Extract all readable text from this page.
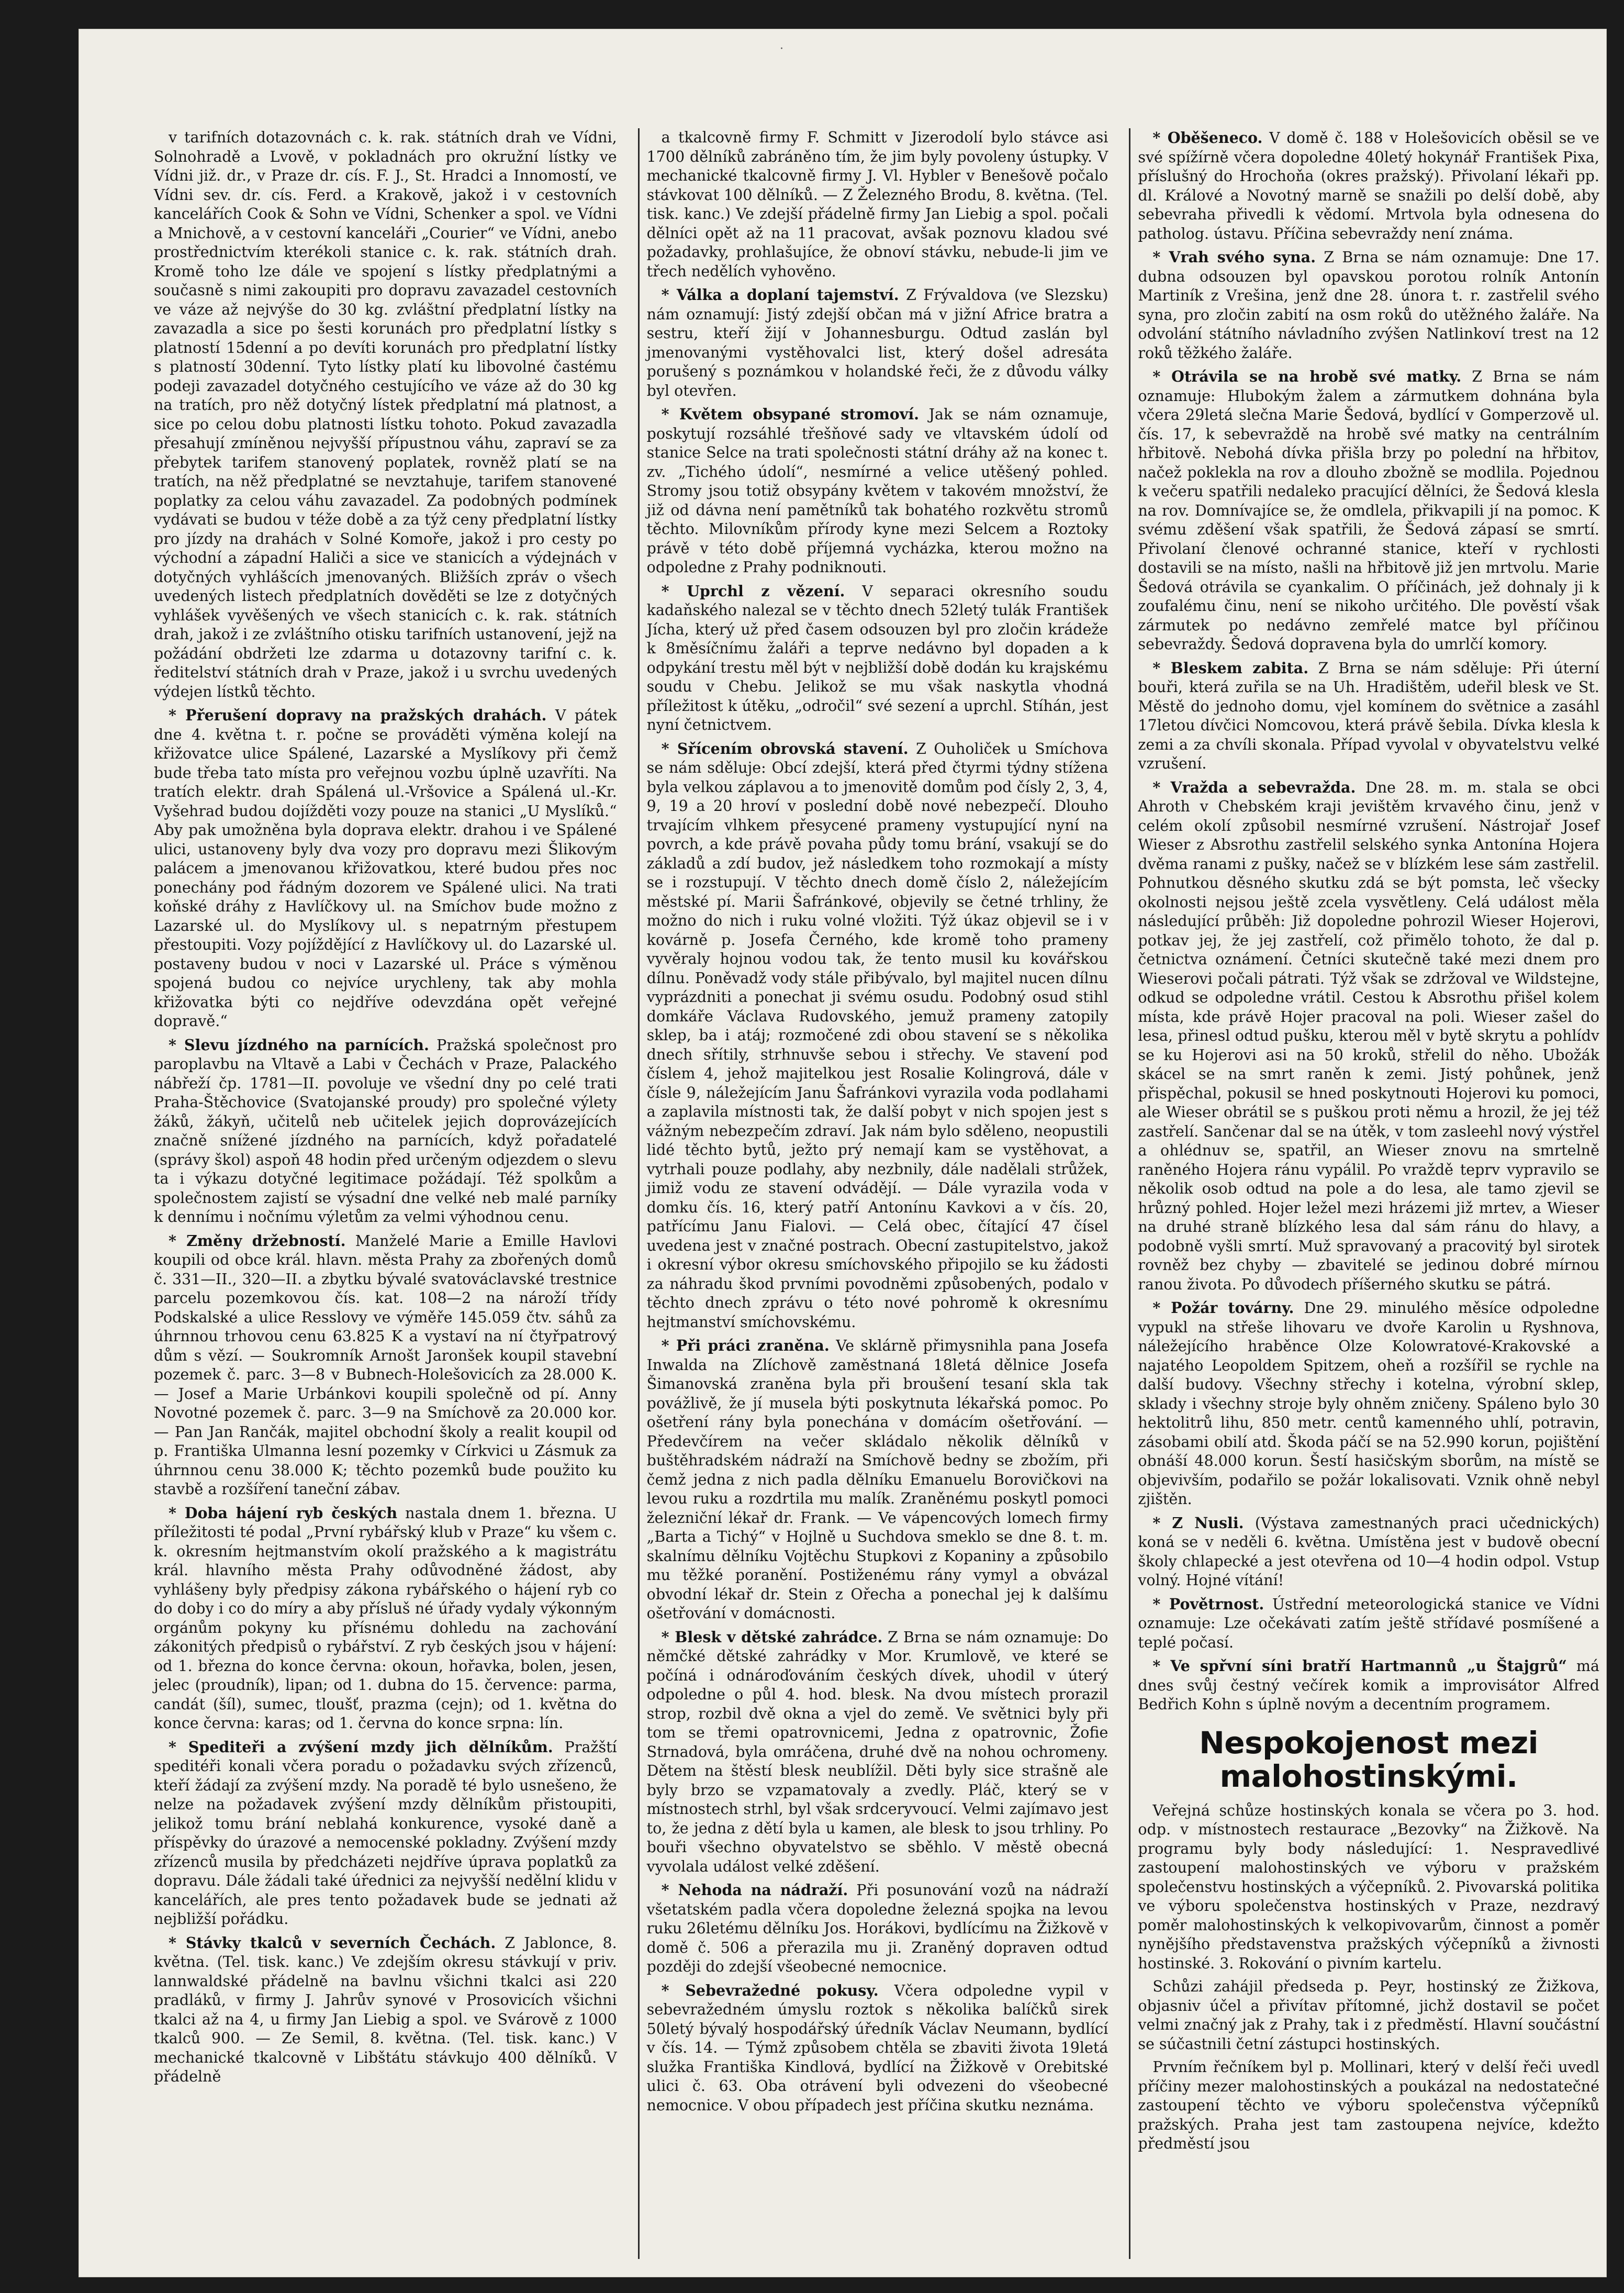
·

v tarifních dotazovnách c. k. rak. státních drah ve Vídni, Solnohradě a Lvově, v pokladnách pro okružní lístky ve Vídni již. dr., v Praze dr. cís. F. J., St. Hradci a Innomostí, ve Vídni sev. dr. cís. Ferd. a Krakově, jakož i v cestovních kancelářích Cook & Sohn ve Vídni, Schenker a spol. ve Vídni a Mnichově, a v cestovní kanceláři „Courier“ ve Vídni, anebo prostřednictvím kterékoli stanice c. k. rak. státních drah. Kromě toho lze dále ve spojení s lístky předplatnými a současně s nimi zakoupiti pro dopravu zavazadel cestovních ve váze až nejvýše do 30 kg. zvláštní předplatní lístky na zavazadla a sice po šesti korunách pro předplatní lístky s platností 15denní a po devíti korunách pro předplatní lístky s platností 30denní. Tyto lístky platí ku libovolné častému podeji zavazadel dotyčného cestujícího ve váze až do 30 kg na tratích, pro něž dotyčný lístek předplatní má platnost, a sice po celou dobu platnosti lístku tohoto. Pokud zavazadla přesahují zmíněnou nejvyšší přípustnou váhu, zapraví se za přebytek tarifem stanovený poplatek, rovněž platí se na tratích, na něž předplatné se nevztahuje, tarifem stanovené poplatky za celou váhu zavazadel. Za podobných podmínek vydávati se budou v téže době a za týž ceny předplatní lístky pro jízdy na drahách v Solné Komoře, jakož i pro cesty po východní a západní Haliči a sice ve stanicích a výdejnách v dotyčných vyhlášcích jmenovaných. Bližších zpráv o všech uvedených listech předplatních dověděti se lze z dotyčných vyhlášek vyvěšených ve všech stanicích c. k. rak. státních drah, jakož i ze zvláštního otisku tarifních ustanovení, jejž na požádání obdržeti lze zdarma u dotazovny tarifní c. k. ředitelství státních drah v Praze, jakož i u svrchu uvedených výdejen lístků těchto.

* Přerušení dopravy na pražských drahách. V pátek dne 4. května t. r. počne se prováděti výměna kolejí na křižovatce ulice Spálené, Lazarské a Myslíkovy při čemž bude třeba tato místa pro veřejnou vozbu úplně uzavříti. Na tratích elektr. drah Spálená ul.-Vršovice a Spálená ul.-Kr. Vyšehrad budou dojížděti vozy pouze na stanici „U Myslíků.“ Aby pak umožněna byla doprava elektr. drahou i ve Spálené ulici, ustanoveny byly dva vozy pro dopravu mezi Šlikovým palácem a jmenovanou křižovatkou, které budou přes noc ponechány pod řádným dozorem ve Spálené ulici. Na trati koňské dráhy z Havlíčkovy ul. na Smíchov bude možno z Lazarské ul. do Myslíkovy ul. s nepatrným přestupem přestoupiti. Vozy pojíždějící z Havlíčkovy ul. do Lazarské ul. postaveny budou v noci v Lazarské ul. Práce s výměnou spojená budou co nejvíce urychleny, tak aby mohla křižovatka býti co nejdříve odevzdána opět veřejné dopravě.“

* Slevu jízdného na parnících. Pražská společnost pro paroplavbu na Vltavě a Labi v Čechách v Praze, Palackého nábřeží čp. 1781—II. povoluje ve všední dny po celé trati Praha-Štěchovice (Svatojanské proudy) pro společné výlety žáků, žákyň, učitelů neb učitelek jejich doprovázejících značně snížené jízdného na parnících, když pořadatelé (správy škol) aspoň 48 hodin před určeným odjezdem o slevu ta i výkazu dotyčné legitimace požádají. Též spolkům a společnostem zajistí se výsadní dne velké neb malé parníky k dennímu i nočnímu výletům za velmi výhodnou cenu.

* Změny držebností. Manželé Marie a Emille Havlovi koupili od obce král. hlavn. města Prahy za zbořených domů č. 331—II., 320—II. a zbytku bývalé svatováclavské trestnice parcelu pozemkovou čís. kat. 108—2 na nároží třídy Podskalské a ulice Resslovy ve výměře 145.059 čtv. sáhů za úhrnnou trhovou cenu 63.825 K a vystaví na ní čtyřpatrový dům s vězí. — Soukromník Arnošt Jaronšek koupil stavební pozemek č. parc. 3—8 v Bubnech-Holešovicích za 28.000 K. — Josef a Marie Urbánkovi koupili společně od pí. Anny Novotné pozemek č. parc. 3—9 na Smíchově za 20.000 kor. — Pan Jan Rančák, majitel obchodní školy a realit koupil od p. Františka Ulmanna lesní pozemky v Církvici u Zásmuk za úhrnnou cenu 38.000 K; těchto pozemků bude použito ku stavbě a rozšíření taneční zábav.

* Doba hájení ryb českých nastala dnem 1. března. U příležitosti té podal „První rybářský klub v Praze“ ku všem c. k. okresním hejtmanstvím okolí pražského a k magistrátu král. hlavního města Prahy odůvodněné žádost, aby vyhlášeny byly předpisy zákona rybářského o hájení ryb co do doby i co do míry a aby přísluš né úřady vydaly výkonným orgánům pokyny ku přísnému dohledu na zachování zákonitých předpisů o rybářství. Z ryb českých jsou v hájení: od 1. března do konce června: okoun, hořavka, bolen, jesen, jelec (proudník), lipan; od 1. dubna do 15. července: parma, candát (šíl), sumec, tloušť, prazma (cejn); od 1. května do konce června: karas; od 1. června do konce srpna: lín.

* Spediteři a zvýšení mzdy jich dělníkům. Pražští speditéři konali včera poradu o požadavku svých zřízenců, kteří žádají za zvýšení mzdy. Na poradě té bylo usnešeno, že nelze na požadavek zvýšení mzdy dělníkům přistoupiti, jelikož tomu brání neblahá konkurence, vysoké daně a příspěvky do úrazové a nemocenské pokladny. Zvýšení mzdy zřízenců musila by předcházeti nejdříve úprava poplatků za dopravu. Dále žádali také úřednici za nejvyšší nedělní klidu v kancelářích, ale pres tento požadavek bude se jednati až nejbližší pořádku.

* Stávky tkalců v severních Čechách. Z Jablonce, 8. května. (Tel. tisk. kanc.) Ve zdejším okresu stávkují v priv. lannwaldské přádelně na bavlnu všichni tkalci asi 220 pradláků, v firmy J. Jahrův synové v Prosovicích všichni tkalci až na 4, u firmy Jan Liebig a spol. ve Svárově z 1000 tkalců 900. — Ze Semil, 8. května. (Tel. tisk. kanc.) V mechanické tkalcovně v Libštátu stávkujo 400 dělníků. V přádelně

a tkalcovně firmy F. Schmitt v Jizerodolí bylo stávce asi 1700 dělníků zabráněno tím, že jim byly povoleny ústupky. V mechanické tkalcovně firmy J. Vl. Hybler v Benešově počalo stávkovat 100 dělníků. — Z Železného Brodu, 8. května. (Tel. tisk. kanc.) Ve zdejší přádelně firmy Jan Liebig a spol. počali dělníci opět až na 11 pracovat, avšak poznovu kladou své požadavky, prohlašujíce, že obnoví stávku, nebude-li jim ve třech nedělích vyhověno.

* Válka a doplaní tajemství. Z Frývaldova (ve Slezsku) nám oznamují: Jistý zdejší občan má v jižní Africe bratra a sestru, kteří žijí v Johannesburgu. Odtud zaslán byl jmenovanými vystěhovalci list, který došel adresáta porušený s poznámkou v holandské řeči, že z důvodu války byl otevřen.

* Květem obsypané stromoví. Jak se nám oznamuje, poskytují rozsáhlé třešňové sady ve vltavském údolí od stanice Selce na trati společnosti státní dráhy až na konec t. zv. „Tichého údolí“, nesmírné a velice utěšený pohled. Stromy jsou totiž obsypány květem v takovém množství, že již od dávna není pamětníků tak bohatého rozkvětu stromů těchto. Milovníkům přírody kyne mezi Selcem a Roztoky právě v této době příjemná vycházka, kterou možno na odpoledne z Prahy podniknouti.

* Uprchl z vězení. V separaci okresního soudu kadaňského nalezal se v těchto dnech 52letý tulák František Jícha, který už před časem odsouzen byl pro zločin krádeže k 8měsíčnímu žaláři a teprve nedávno byl dopaden a k odpykání trestu měl být v nejbližší době dodán ku krajskému soudu v Chebu. Jelikož se mu však naskytla vhodná příležitost k útěku, „odročil“ své sezení a uprchl. Stíhán, jest nyní četnictvem.

* Sřícením obrovská stavení. Z Ouholiček u Smíchova se nám sděluje: Obcí zdejší, která před čtyrmi týdny stížena byla velkou záplavou a to jmenovitě domům pod čísly 2, 3, 4, 9, 19 a 20 hroví v poslední době nové nebezpečí. Dlouho trvajícím vlhkem přesycené prameny vystupující nyní na povrch, a kde právě povaha půdy tomu brání, vsakují se do základů a zdí budov, jež následkem toho rozmokají a místy se i rozstupují. V těchto dnech domě číslo 2, náležejícím městské pí. Marii Šafránkové, objevily se četné trhliny, že možno do nich i ruku volné vložiti. Týž úkaz objevil se i v kovárně p. Josefa Černého, kde kromě toho prameny vyvěraly hojnou vodou tak, že tento musil ku kovářskou dílnu. Poněvadž vody stále přibývalo, byl majitel nucen dílnu vyprázdniti a ponechat ji svému osudu. Podobný osud stihl domkáře Václava Rudovského, jemuž prameny zatopily sklep, ba i atáj; rozmočené zdi obou stavení se s několika dnech sřítily, strhnuvše sebou i střechy. Ve stavení pod číslem 4, jehož majitelkou jest Rosalie Kolingrová, dále v čísle 9, náležejícím Janu Šafránkovi vyrazila voda podlahami a zaplavila místnosti tak, že další pobyt v nich spojen jest s vážným nebezpečím zdraví. Jak nám bylo sděleno, neopustili lidé těchto bytů, ježto prý nemají kam se vystěhovat, a vytrhali pouze podlahy, aby nezbnily, dále nadělali strůžek, jimiž vodu ze stavení odvádějí. — Dále vyrazila voda v domku čís. 16, který patří Antonínu Kavkovi a v čís. 20, patřícímu Janu Fialovi. — Celá obec, čítající 47 čísel uvedena jest v značné postrach. Obecní zastupitelstvo, jakož i okresní výbor okresu smíchovského připojilo se ku žádosti za náhradu škod prvními povodněmi způsobených, podalo v těchto dnech zprávu o této nové pohromě k okresnímu hejtmanství smíchovskému.

* Při práci zraněna. Ve sklárně přimysnihla pana Josefa Inwalda na Zlíchově zaměstnaná 18letá dělnice Josefa Šimanovská zraněna byla při broušení tesaní skla tak povážlivě, že jí musela býti poskytnuta lékařská pomoc. Po ošetření rány byla ponechána v domácím ošetřování. — Předevčírem na večer skládalo několik dělníků v buštěhradském nádraží na Smíchově bedny se zbožím, při čemž jedna z nich padla dělníku Emanuelu Borovičkovi na levou ruku a rozdrtila mu malík. Zraněnému poskytl pomoci železniční lékař dr. Frank. — Ve vápencových lomech firmy „Barta a Tichý“ v Hojlně u Suchdova smeklo se dne 8. t. m. skalnímu dělníku Vojtěchu Stupkovi z Kopaniny a způsobilo mu těžké poranění. Postiženému rány vymyl a obvázal obvodní lékař dr. Stein z Ořecha a ponechal jej k dalšímu ošetřování v domácnosti.

* Blesk v dětské zahrádce. Z Brna se nám oznamuje: Do němčké dětské zahrádky v Mor. Krumlově, ve které se počíná i odnároďováním českých dívek, uhodil v úterý odpoledne o půl 4. hod. blesk. Na dvou místech prorazil strop, rozbil dvě okna a vjel do země. Ve světnici byly při tom se třemi opatrovnicemi, Jedna z opatrovnic, Žofie Strnadová, byla omráčena, druhé dvě na nohou ochromeny. Dětem na štěstí blesk neublížil. Děti byly sice strašně ale byly brzo se vzpamatovaly a zvedly. Pláč, který se v místnostech strhl, byl však srdceryvoucí. Velmi zajímavo jest to, že jedna z dětí byla u kamen, ale blesk to jsou trhliny. Po bouři všechno obyvatelstvo se sběhlo. V městě obecná vyvolala událost velké zděšení.

* Nehoda na nádraží. Při posunování vozů na nádraží všetatském padla včera dopoledne železná spojka na levou ruku 26letému dělníku Jos. Horákovi, bydlícímu na Žižkově v domě č. 506 a přerazila mu ji. Zraněný dopraven odtud později do zdejší všeobecné nemocnice.

* Sebevražedné pokusy. Včera odpoledne vypil v sebevražedném úmyslu roztok s několika balíčků sirek 50letý bývalý hospodářský úředník Václav Neumann, bydlící v čís. 14. — Týmž způsobem chtěla se zbaviti života 19letá služka Františka Kindlová, bydlící na Žižkově v Orebitské ulici č. 63. Oba otrávení byli odvezeni do všeobecné nemocnice. V obou případech jest příčina skutku neznáma.

* Oběšeneco. V domě č. 188 v Holešovicích oběsil se ve své spížírně včera dopoledne 40letý hokynář František Pixa, příslušný do Hrochoňa (okres pražský). Přivolaní lékaři pp. dl. Králové a Novotný marně se snažili po delší době, aby sebevraha přivedli k vědomí. Mrtvola byla odnesena do patholog. ústavu. Příčina sebevraždy není známa.

* Vrah svého syna. Z Brna se nám oznamuje: Dne 17. dubna odsouzen byl opavskou porotou rolník Antonín Martiník z Vrešina, jenž dne 28. února t. r. zastřelil svého syna, pro zločin zabití na osm roků do utěžného žaláře. Na odvolání státního návladního zvýšen Natlinkoví trest na 12 roků těžkého žaláře.

* Otrávila se na hrobě své matky. Z Brna se nám oznamuje: Hlubokým žalem a zármutkem dohnána byla včera 29letá slečna Marie Šedová, bydlící v Gomperzově ul. čís. 17, k sebevraždě na hrobě své matky na centrálním hřbitově. Nebohá dívka přišla brzy po polední na hřbitov, načež poklekla na rov a dlouho zbožně se modlila. Pojednou k večeru spatřili nedaleko pracující dělníci, že Šedová klesla na rov. Domnívajíce se, že omdlela, přikvapili jí na pomoc. K svému zděšení však spatřili, že Šedová zápasí se smrtí. Přivolaní členové ochranné stanice, kteří v rychlosti dostavili se na místo, našli na hřbitově již jen mrtvolu. Marie Šedová otrávila se cyankalim. O příčinách, jež dohnaly ji k zoufalému činu, není se nikoho určitého. Dle pověstí však zármutek po nedávno zemřelé matce byl příčinou sebevraždy. Šedová dopravena byla do umrlčí komory.

* Bleskem zabita. Z Brna se nám sděluje: Při úterní bouři, která zuřila se na Uh. Hradištěm, udeřil blesk ve St. Městě do jednoho domu, vjel komínem do světnice a zasáhl 17letou dívčici Nomcovou, která právě šebila. Dívka klesla k zemi a za chvíli skonala. Případ vyvolal v obyvatelstvu velké vzrušení.

* Vražda a sebevražda. Dne 28. m. m. stala se obci Ahroth v Chebském kraji jevištěm krvavého činu, jenž v celém okolí způsobil nesmírné vzrušení. Nástrojař Josef Wieser z Absrothu zastřelil selského synka Antonína Hojera dvěma ranami z pušky, načež se v blízkém lese sám zastřelil. Pohnutkou děsného skutku zdá se být pomsta, leč všecky okolnosti nejsou ještě zcela vysvětleny. Celá událost měla následující průběh: Již dopoledne pohrozil Wieser Hojerovi, potkav jej, že jej zastřelí, což přimělo tohoto, že dal p. četnictva oznámení. Četníci skutečně také mezi dnem pro Wieserovi počali pátrati. Týž však se zdržoval ve Wildstejne, odkud se odpoledne vrátil. Cestou k Absrothu přišel kolem místa, kde právě Hojer pracoval na poli. Wieser zašel do lesa, přinesl odtud pušku, kterou měl v bytě skrytu a pohlídv se ku Hojerovi asi na 50 kroků, střelil do něho. Ubožák skácel se na smrt raněn k zemi. Jistý pohůnek, jenž přispěchal, pokusil se hned poskytnouti Hojerovi ku pomoci, ale Wieser obrátil se s puškou proti němu a hrozil, že jej též zastřelí. Sančenar dal se na útěk, v tom zasleehl nový výstřel a ohlédnuv se, spatřil, an Wieser znovu na smrtelně raněného Hojera ránu vypálil. Po vraždě teprv vypravilo se několik osob odtud na pole a do lesa, ale tamo zjevil se hrůzný pohled. Hojer ležel mezi hrázemi již mrtev, a Wieser na druhé straně blízkého lesa dal sám ránu do hlavy, a podobně vyšli smrtí. Muž spravovaný a pracovitý byl sirotek rovněž bez chyby — zbavitelé se jedinou dobré mírnou ranou života. Po důvodech příšerného skutku se pátrá.

* Požár továrny. Dne 29. minulého měsíce odpoledne vypukl na střeše lihovaru ve dvoře Karolin u Ryshnova, náležejícího hraběnce Olze Kolowratové-Krakovské a najatého Leopoldem Spitzem, oheň a rozšířil se rychle na další budovy. Všechny střechy i kotelna, výrobní sklep, sklady i všechny stroje byly ohněm zničeny. Spáleno bylo 30 hektolitrů lihu, 850 metr. centů kamenného uhlí, potravin, zásobami obilí atd. Škoda páčí se na 52.990 korun, pojištění obnáší 48.000 korun. Šestí hasičským sborům, na místě se objevivším, podařilo se požár lokalisovati. Vznik ohně nebyl zjištěn.

* Z Nusli. (Výstava zamestnaných praci učednických) koná se v neděli 6. května. Umístěna jest v budově obecní školy chlapecké a jest otevřena od 10—4 hodin odpol. Vstup volný. Hojné vítání!

* Povětrnost. Ústřední meteorologická stanice ve Vídni oznamuje: Lze očekávati zatím ještě střídavé posmíšené a teplé počasí.

* Ve spřvní síni bratří Hartmannů „u Štajgrů“ má dnes svůj čestný večírek komik a improvisátor Alfred Bedřich Kohn s úplně novým a decentním programem.

Nespokojenost mezi malohostinskými.

Veřejná schůze hostinských konala se včera po 3. hod. odp. v místnostech restaurace „Bezovky“ na Žižkově. Na programu byly body následující: 1. Nespravedlivé zastoupení malohostinských ve výboru v pražském společenstvu hostinských a výčepníků. 2. Pivovarská politika ve výboru společenstva hostinských v Praze, nezdravý poměr malohostinských k velkopivovarům, činnost a poměr nynějšího představenstva pražských výčepníků a živnosti hostinské. 3. Rokování o pivním kartelu.

Schůzi zahájil předseda p. Peyr, hostinský ze Žižkova, objasniv účel a přivítav přítomné, jichž dostavil se počet velmi značný jak z Prahy, tak i z předměstí. Hlavní součástní se súčastnili četní zástupci hostinských.

Prvním řečníkem byl p. Mollinari, který v delší řeči uvedl příčiny mezer malohostinských a poukázal na nedostatečné zastoupení těchto ve výboru společenstva výčepníků pražských. Praha jest tam zastoupena nejvíce, kdežto předměstí jsou
